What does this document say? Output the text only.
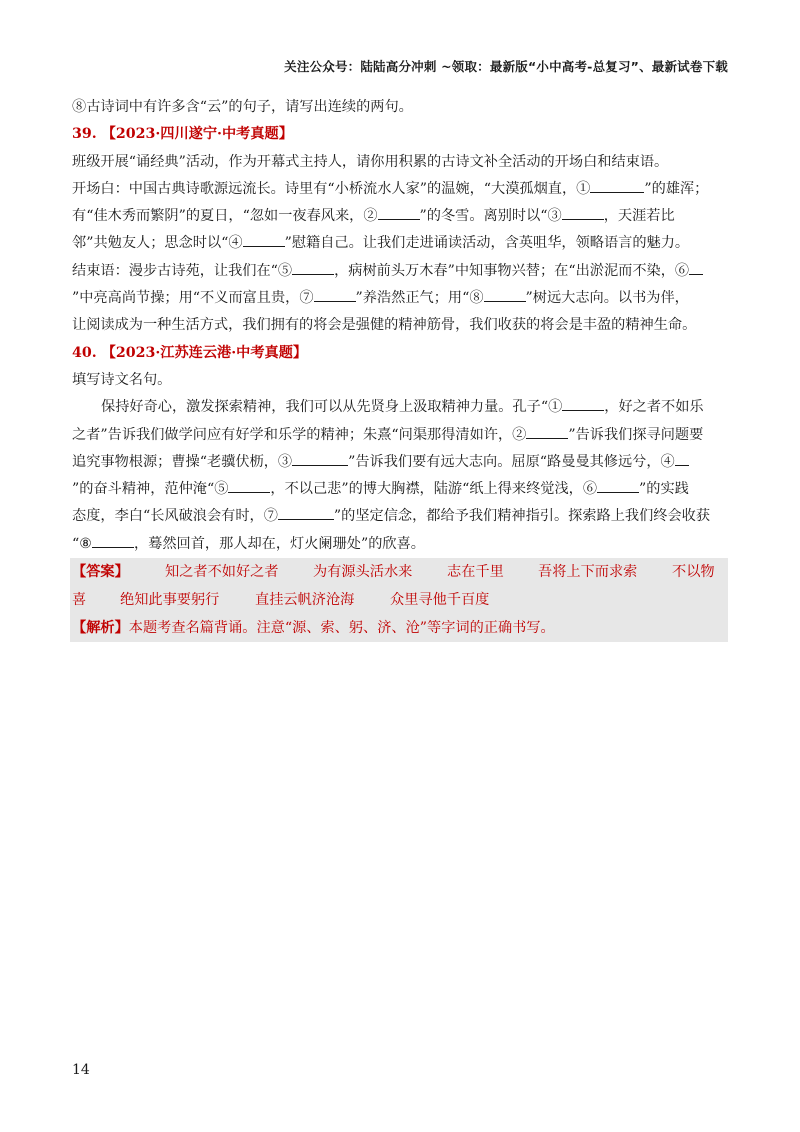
关注公众号：陆陆高分冲刺 ~领取：最新版“小中高考-总复习”、最新试卷下载
⑧古诗词中有许多含“云”的句子，请写出连续的两句。
39. 【2023·四川遂宁·中考真题】
班级开展“诵经典”活动，作为开幕式主持人，请你用积累的古诗文补全活动的开场白和结束语。
开场白：中国古典诗歌源远流长。诗里有“小桥流水人家”的温婉，“大漠孤烟直，①	”的雄浑；
有“佳木秀而繁阴”的夏日，“忽如一夜春风来，②	”的冬雪。离别时以“③	，天涯若比
邻”共勉友人；思念时以“④	”慰籍自己。让我们走进诵读活动，含英咀华，领略语言的魅力。
结束语：漫步古诗苑，让我们在“⑤	，病树前头万木春”中知事物兴替；在“出淤泥而不染，⑥
”中亮高尚节操；用“不义而富且贵，⑦	”养浩然正气；用“⑧	”树远大志向。以书为伴，
让阅读成为一种生活方式，我们拥有的将会是强健的精神筋骨，我们收获的将会是丰盈的精神生命。
40. 【2023·江苏连云港·中考真题】
填写诗文名句。
保持好奇心，激发探索精神，我们可以从先贤身上汲取精神力量。孔子“①	，好之者不如乐
之者”告诉我们做学问应有好学和乐学的精神；朱熹“问渠那得清如许，②	”告诉我们探寻问题要
追究事物根源；曹操“老骥伏枥，③	”告诉我们要有远大志向。屈原“路曼曼其修远兮，④
”的奋斗精神，范仲淹“⑤	，不以己悲”的博大胸襟，陆游“纸上得来终觉浅，⑥	”的实践
态度，李白“长风破浪会有时，⑦	”的坚定信念，都给予我们精神指引。探索路上我们终会收获
“⑧	，蓦然回首，那人却在，灯火阑珊处”的欣喜。
【答案】	知之者不如好之者 为有源头活水来 志在千里 吾将上下而求索 不以物
喜 绝知此事要躬行	直挂云帆济沧海	众里寻他千百度
【解析】本题考查名篇背诵。注意“源、索、躬、济、沧”等字词的正确书写。
14
